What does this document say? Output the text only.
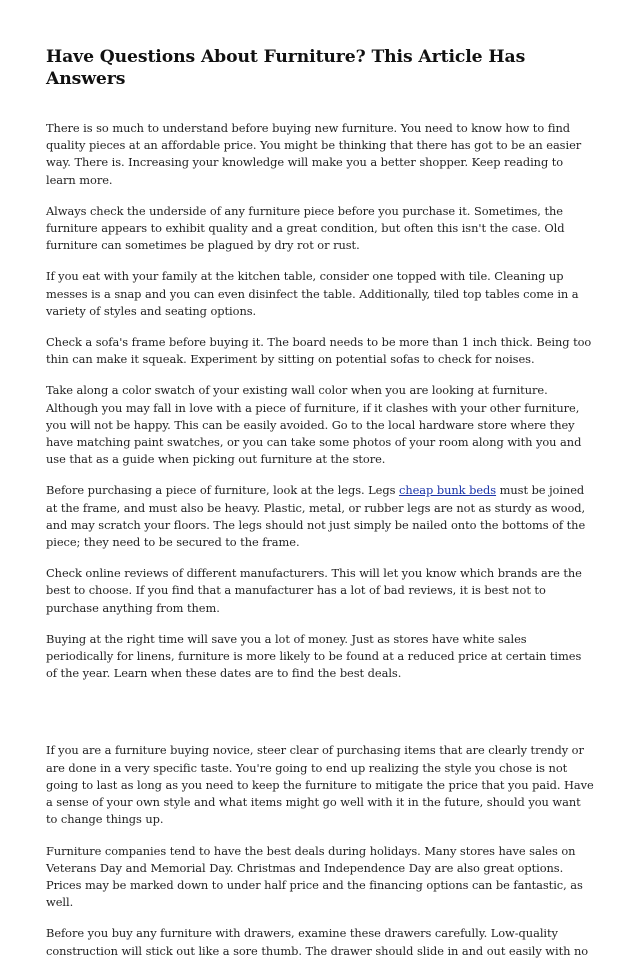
Have Questions About Furniture? This Article Has Answers

There is so much to understand before buying new furniture. You need to know how to find quality pieces at an affordable price. You might be thinking that there has got to be an easier way. There is. Increasing your knowledge will make you a better shopper. Keep reading to learn more.

Always check the underside of any furniture piece before you purchase it. Sometimes, the furniture appears to exhibit quality and a great condition, but often this isn't the case. Old furniture can sometimes be plagued by dry rot or rust.

If you eat with your family at the kitchen table, consider one topped with tile. Cleaning up messes is a snap and you can even disinfect the table. Additionally, tiled top tables come in a variety of styles and seating options.

Check a sofa's frame before buying it. The board needs to be more than 1 inch thick. Being too thin can make it squeak. Experiment by sitting on potential sofas to check for noises.

Take along a color swatch of your existing wall color when you are looking at furniture. Although you may fall in love with a piece of furniture, if it clashes with your other furniture, you will not be happy. This can be easily avoided. Go to the local hardware store where they have matching paint swatches, or you can take some photos of your room along with you and use that as a guide when picking out furniture at the store.

Before purchasing a piece of furniture, look at the legs. Legs cheap bunk beds must be joined at the frame, and must also be heavy. Plastic, metal, or rubber legs are not as sturdy as wood, and may scratch your floors. The legs should not just simply be nailed onto the bottoms of the piece; they need to be secured to the frame.

Check online reviews of different manufacturers. This will let you know which brands are the best to choose. If you find that a manufacturer has a lot of bad reviews, it is best not to purchase anything from them.

Buying at the right time will save you a lot of money. Just as stores have white sales periodically for linens, furniture is more likely to be found at a reduced price at certain times of the year. Learn when these dates are to find the best deals.

If you are a furniture buying novice, steer clear of purchasing items that are clearly trendy or are done in a very specific taste. You're going to end up realizing the style you chose is not going to last as long as you need to keep the furniture to mitigate the price that you paid. Have a sense of your own style and what items might go well with it in the future, should you want to change things up.

Furniture companies tend to have the best deals during holidays. Many stores have sales on Veterans Day and Memorial Day. Christmas and Independence Day are also great options. Prices may be marked down to under half price and the financing options can be fantastic, as well.

Before you buy any furniture with drawers, examine these drawers carefully. Low-quality construction will stick out like a sore thumb. The drawer should slide in and out easily with no
